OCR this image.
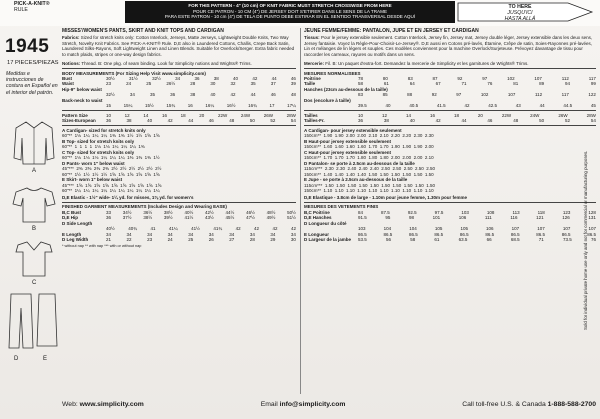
PICK-A-KNIT®
RULE
FOR THIS PATTERN - 4" (10 cm) OF KNIT FABRIC MUST STRETCH CROSSWISE FROM HERE
POUR CE PATRON - 10 CM (4") DE JERSEY DOIT S'ETIRER DANS LE SENS DE LA TRAME
PARA ESTE PATRON - 10 cm (4") DE TELA DE PUNTO DEBE ESTIRAR EN EL SENTIDO TRANSVERSAL DESDE AQUÍ
TO HERE
JUSQU'ICI
HASTA ALLÁ
1945
17 PIECES/PIEZAS
Medidas e instrucciones de costura en Español en el interior del patrón.
A
B
C
D	E
MISSES'/WOMEN'S PANTS, SKIRT AND KNIT TOPS AND CARDIGAN
Fabrics: Sized for stretch knits only: Cotton Interlock, Jerseys, Matte Jerseys, Lightweight Double Knits, Two Way Stretch, Novelty Knit Fabrics. See PICK-A-KNIT® Rule. D,E also in Laundered Cottons, Challis, Crepe Back Satin, Laundered Silks-Rayons, Soft Lightweight Linen and Linen Blends. Suitable for Overlock/Serger. Extra fabric needed to match plaids, stripes or one-way design fabrics.
Notions: Thread. B: One pkg. of seam binding. Look for Simplicity notions and Wrights® Trims.
BODY MEASUREMENTS (For Sizing Help Visit www.simplicity.com)
Bust	30½	31½	32½	34	36	38	40	42	44	46
Waist	23	24	25	26½	28	30	32	35	37	39
Hip-9" below waist
32½	34	35	36	38	40	42	44	46	48
Back-neck to waist
15	15¼	15½	15¾	16	16¼	16½	16¾	17	17¼
Pattern Size	10	12	14	16	18	20	22W	24W	26W	28W
Sizes-European	36	38	40	42	44	46	48	50	52	54
A Cardigan- sized for stretch knits only
60"**  1⅛  1¼  1¼  1¼  1⅜  1⅜  1½  1½  1⅝  1⅝
B Top- sized for stretch knits only
60"**  1  1  1  1  1⅛  1⅛  1¼  1¼  1¼  1⅜
C Top- sized for stretch knits only
60"**  1⅛  1⅛  1⅛  1¼  1¼  1¼  1⅜  1⅜  1⅜  1½
D Pants- worn 1" below waist
45"***  2⅜  2⅜  2⅜  2⅜  2½  2½  2½  2½  2½  2½
60"**  1½  1½  1½  1½  1⅝  1⅝  1⅝  1⅝  1⅝  1⅝
E Skirt- worn 1" below waist
45"***  1⅝  1⅝  1⅝  1⅝  1⅝  1⅝  1⅝  1⅝  1⅝  1⅝
60"**  1¼  1¼  1¼  1¼  1¼  1¼  1¼  1¼  1¼  1¼
D,E Elastic - 1½" wide- 1¼ yd. for misses, 1⅜ yd. for women's
FINISHED GARMENT MEASUREMENTS (Includes Design and Wearing EASE)
B,C Bust	33	34½	36½	38½	40½	42½	44½	46½	48½	50½
D,E Hip	36	37½	38½	39½	41½	43½	45½	47½	49½	51½
D Side Length
40½	40¾	41	41¼	41½	41¾	42	42	42	42
E Length	34	34	34	34	34	34	34	34	34	34
D Leg Width	21	22	23	24	25	26	27	28	29	30
* without nap ** with nap *** with or without nap
JEUNE FEMME/FEMME: PANTALON, JUPE ET EN JERSEY ET CARDIGAN
Tissus: Pour le jersey extensible seulement. Cotton Interlock, Jersey fin, Jersey mat, Jersey double léger, Jersey extensible dans les deux sens, Jersey fantaisie. Voyez la Règle-Pour-Choisir-Le-Jersey®. D,E aussi en Cotons pré-lavés, Étamine, Crêpe de satin, Soies-Rayonnes pré-lavées, Lin et mélanges de lin légers et souples. Ces modèles conviennent pour la machine Overlock/Surjeteuse. Prévoyez davantage de tissu pour raccorder les carreaux, rayures ou motifs dans un sens.
Mercerie: Fil. B: Un paquet d'extra-fort. Demandez la mercerie de Simplicity et les garnitures de Wrights® Trims.
MESURES NORMALISEES
Poitrine	78	80	83	87	92	97	102	107	112	117
Taille	58	61	64	67	71	76	81	89	94	99
Hanches (23cm au-dessous de la taille)
83	85	88	92	97	102	107	112	117	122
Dos (encolure à taille)
39.5	40	40.5	41.5	42	42.5	43	44	44.5	45
Tailles	10	12	14	16	18	20	22W	24W	26W	28W
Tailles-Fr.	36	38	40	42	44	46	48	50	52	54
A Cardigan- pour jersey extensible seulement
150cm**  1.90  1.90  2.00  2.00  2.10  2.10  2.20  2.20  2.30  2.30
B Haut-pour jersey extensible seulement
150cm**  1.60  1.60  1.60  1.60  1.70  1.70  1.90  1.90  1.90  2.00
C Haut-pour jersey extensible seulement
150cm**  1.70  1.70  1.70  1.80  1.80  1.80  2.00  2.00  2.00  2.10
D Pantalon- se porte à 2.5cm au-dessous de la taille
115cm***  2.30  2.30  2.40  2.40  2.40  2.50  2.50  2.50  2.50  2.50
150cm**  1.40  1.40  1.40  1.40  1.50  1.50  1.50  1.50  1.50  1.50
E Jupe - se porte à 2.5cm au-dessous de la taille
115cm***  1.50  1.50  1.50  1.50  1.50  1.50  1.50  1.50  1.50  1.50
150cm**  1.10  1.10  1.10  1.10  1.10  1.10  1.10  1.10  1.10  1.10
D,E Elastique - 3.8cm de large - 1.10m pour jeune femme, 1.30m pour femme
MESURES DES VETEMENTS FINIS
B,C Poitrine	84	87.5	92.5	97.5	103	108	113	118	123	128
D,E Hanches	91.5	95	98	101	106	111	116	121	126	131
D Longueur du côté
103	104	104	105	105	106	107	107	107	107
E Longueur	86.5	86.5	86.5	86.5	86.5	86.5	86.5	86.5	86.5	86.5
D Largeur de la jambe	53.5	56	58	61	63.5	66	68.5	71	73.5	76
Web: www.simplicity.com	Email info@simplicity.com	Call toll-free U.S. & Canada 1-888-588-2700
Sold for individual private home use only and not for commercial or manufacturing purposes.
